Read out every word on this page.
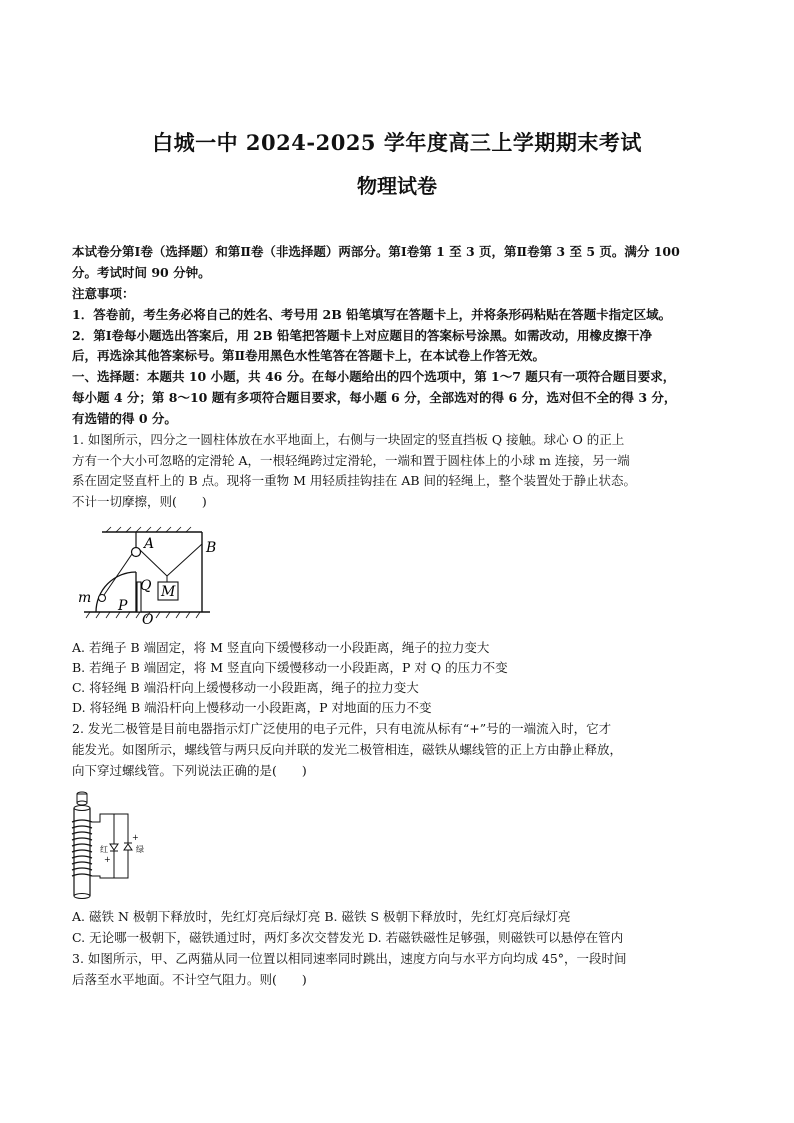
白城一中 2024-2025 学年度高三上学期期末考试
物理试卷
本试卷分第Ⅰ卷（选择题）和第Ⅱ卷（非选择题）两部分。第Ⅰ卷第 1 至 3 页，第Ⅱ卷第 3 至 5 页。满分 100
分。考试时间 90 分钟。
注意事项：
1．答卷前，考生务必将自己的姓名、考号用 2B 铅笔填写在答题卡上，并将条形码粘贴在答题卡指定区域。
2．第Ⅰ卷每小题选出答案后，用 2B 铅笔把答题卡上对应题目的答案标号涂黑。如需改动，用橡皮擦干净
后，再选涂其他答案标号。第Ⅱ卷用黑色水性笔答在答题卡上，在本试卷上作答无效。
一、选择题：本题共 10 小题，共 46 分。在每小题给出的四个选项中，第 1～7 题只有一项符合题目要求，
每小题 4 分；第 8～10 题有多项符合题目要求，每小题 6 分，全部选对的得 6 分，选对但不全的得 3 分，
有选错的得 0 分。
1. 如图所示，四分之一圆柱体放在水平地面上，右侧与一块固定的竖直挡板 Q 接触。球心 O 的正上
方有一个大小可忽略的定滑轮 A，一根轻绳跨过定滑轮，一端和置于圆柱体上的小球 m 连接，另一端
系在固定竖直杆上的 B 点。现将一重物 M 用轻质挂钩挂在 AB 间的轻绳上，整个装置处于静止状态。
不计一切摩擦，则(　　)
A	B
m
Q M
P
O
A. 若绳子 B 端固定，将 M 竖直向下缓慢移动一小段距离，绳子的拉力变大
B. 若绳子 B 端固定，将 M 竖直向下缓慢移动一小段距离，P 对 Q 的压力不变
C. 将轻绳 B 端沿杆向上缓慢移动一小段距离，绳子的拉力变大
D. 将轻绳 B 端沿杆向上慢移动一小段距离，P 对地面的压力不变
2. 发光二极管是目前电器指示灯广泛使用的电子元件，只有电流从标有“+”号的一端流入时，它才
能发光。如图所示，螺线管与两只反向并联的发光二极管相连，磁铁从螺线管的正上方由静止释放，
向下穿过螺线管。下列说法正确的是(　　)
红	绿
+
+
A. 磁铁 N 极朝下释放时，先红灯亮后绿灯亮 B. 磁铁 S 极朝下释放时，先红灯亮后绿灯亮
C. 无论哪一极朝下，磁铁通过时，两灯多次交替发光 D. 若磁铁磁性足够强，则磁铁可以悬停在管内
3. 如图所示，甲、乙两猫从同一位置以相同速率同时跳出，速度方向与水平方向均成 45°，一段时间
后落至水平地面。不计空气阻力。则(　　)
